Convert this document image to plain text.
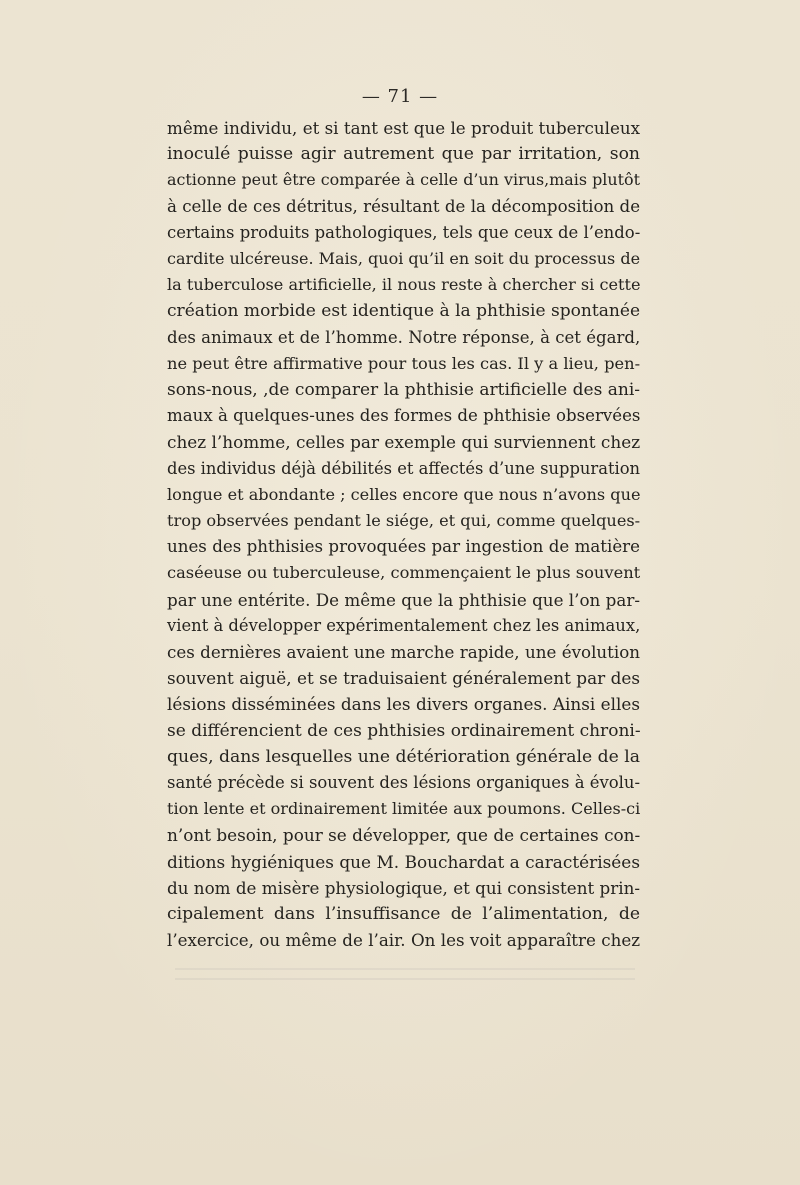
— 71 —
même individu, et si tant est que le produit tuberculeux
inoculé puisse agir autrement que par irritation, son
actionne peut être comparée à celle d’un virus,mais plutôt
à celle de ces détritus, résultant de la décomposition de
certains produits pathologiques, tels que ceux de l’endo-
cardite ulcéreuse. Mais, quoi qu’il en soit du processus de
la tuberculose artificielle, il nous reste à chercher si cette
création morbide est identique à la phthisie spontanée
des animaux et de l’homme. Notre réponse, à cet égard,
ne peut être affirmative pour tous les cas. Il y a lieu, pen-
sons-nous, ,de comparer la phthisie artificielle des ani-
maux à quelques-unes des formes de phthisie observées
chez l’homme, celles par exemple qui surviennent chez
des individus déjà débilités et affectés d’une suppuration
longue et abondante ; celles encore que nous n’avons que
trop observées pendant le siége, et qui, comme quelques-
unes des phthisies provoquées par ingestion de matière
caséeuse ou tuberculeuse, commençaient le plus souvent
par une entérite. De même que la phthisie que l’on par-
vient à développer expérimentalement chez les animaux,
ces dernières avaient une marche rapide, une évolution
souvent aiguë, et se traduisaient généralement par des
lésions disséminées dans les divers organes. Ainsi elles
se différencient de ces phthisies ordinairement chroni-
ques, dans lesquelles une détérioration générale de la
santé précède si souvent des lésions organiques à évolu-
tion lente et ordinairement limitée aux poumons. Celles-ci
n’ont besoin, pour se développer, que de certaines con-
ditions hygiéniques que M. Bouchardat a caractérisées
du nom de misère physiologique, et qui consistent prin-
cipalement dans l’insuffisance de l’alimentation, de
l’exercice, ou même de l’air. On les voit apparaître chez
